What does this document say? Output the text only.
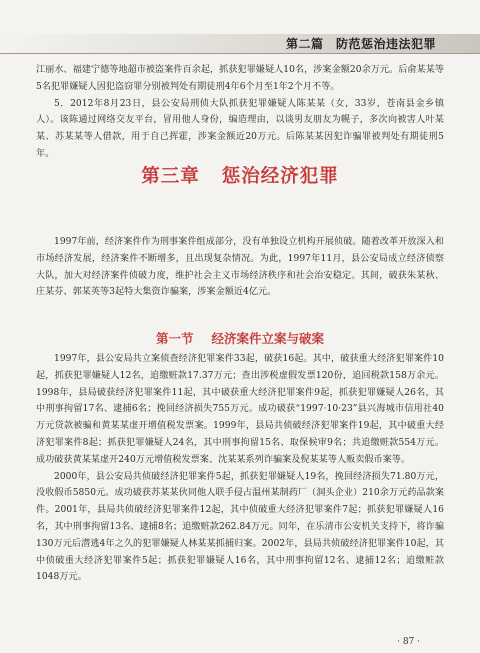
第二篇　防范惩治违法犯罪

江丽水、福建宁德等地超市被盗案件百余起，抓获犯罪嫌疑人10名，涉案金额20余万元。后俞某某等5名犯罪嫌疑人因犯盗窃罪分别被判处有期徒刑4年6个月至1年2个月不等。

5．2012年8月23日，县公安局刑侦大队抓获犯罪嫌疑人陈某某（女，33岁，苍南县金乡镇人）。该陈通过网络交友平台，冒用他人身份，编造理由，以谈男友朋友为幌子，多次向被害人叶某某、苏某某等人借款，用于自己挥霍，涉案金额近20万元。后陈某某因犯诈骗罪被判处有期徒刑5年。

第三章 惩治经济犯罪

1997年前，经济案件作为刑事案件组成部分，没有单独设立机构开展侦破。随着改革开放深入和市场经济发展，经济案件不断增多，且出现复杂情况。为此，1997年11月，县公安局成立经济侦察大队，加大对经济案件侦破力度，维护社会主义市场经济秩序和社会治安稳定。其间，破获朱某秋、庄某芬、郭某英等3起特大集资诈骗案，涉案金额近4亿元。

第一节 经济案件立案与破案

1997年，县公安局共立案侦查经济犯罪案件33起，破获16起。其中，破获重大经济犯罪案件10起，抓获犯罪嫌疑人12名，追缴赃款17.37万元；查出涉税虚假发票120份，追回税款158万余元。1998年，县局破获经济犯罪案件11起，其中破获重大经济犯罪案件9起，抓获犯罪嫌疑人26名，其中刑事拘留17名、逮捕6名；挽回经济损失755万元。成功破获“1997·10·23”县兴海城市信用社40万元贷款被骗和黄某某虚开增值税发票案。1999年，县局共侦破经济犯罪案件19起，其中破重大经济犯罪案件8起；抓获犯罪嫌疑人24名，其中刑事拘留15名、取保候审9名；共追缴赃款554万元。成功破获黄某某虚开240万元增值税发票案、沈某某系列诈骗案及倪某某等人贩卖假币案等。

2000年，县公安局共侦破经济犯罪案件5起，抓获犯罪嫌疑人19名，挽回经济损失71.80万元，没收假币5850元。成功破获苏某某伙同他人联手侵占温州某制药厂（洞头企业）210余万元药品款案件。2001年，县局共侦破经济犯罪案件12起，其中侦破重大经济犯罪案件7起；抓获犯罪嫌疑人16名，其中刑事拘留13名、逮捕8名；追缴赃款262.84万元。同年，在乐清市公安机关支持下，将诈骗130万元后潜逃4年之久的犯罪嫌疑人林某某抓捕归案。2002年，县局共侦破经济犯罪案件10起，其中侦破重大经济犯罪案件5起；抓获犯罪嫌疑人16名，其中刑事拘留12名、逮捕12名；追缴赃款1048万元。

· 87 ·
